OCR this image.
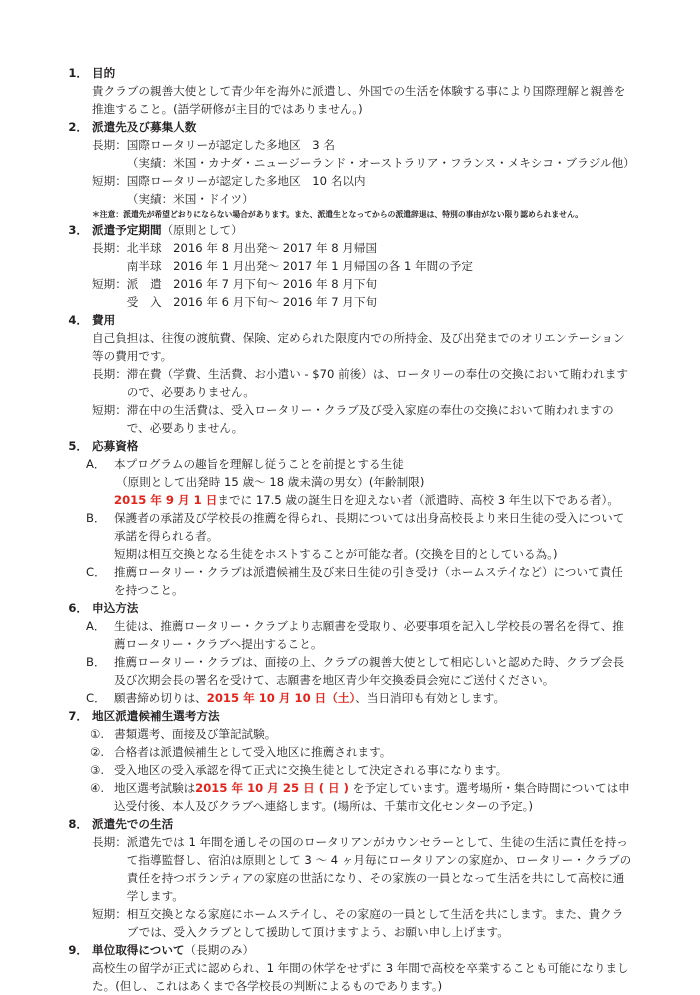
1． 目的
貴クラブの親善大使として青少年を海外に派遣し、外国での生活を体験する事により国際理解と親善を推進すること。(語学研修が主目的ではありません。)
2． 派遣先及び募集人数
長期： 国際ロータリーが認定した多地区　3 名
（実績：米国・カナダ・ニュージーランド・オーストラリア・フランス・メキシコ・ブラジル他）
短期： 国際ロータリーが認定した多地区　10 名以内
（実績：米国・ドイツ）
＊注意：派遣先が希望どおりにならない場合があります。また、派遣生となってからの派遣辞退は、特別の事由がない限り認められません。
3． 派遣予定期間（原則として）
長期： 北半球　2016 年 8 月出発～ 2017 年 8 月帰国
南半球　2016 年 1 月出発～ 2017 年 1 月帰国の各 1 年間の予定
短期： 派　遣　2016 年 7 月下旬～ 2016 年 8 月下旬
受　入　2016 年 6 月下旬～ 2016 年 7 月下旬
4． 費用
自己負担は、往復の渡航費、保険、定められた限度内での所持金、及び出発までのオリエンテーション等の費用です。
長期： 滞在費（学費、生活費、お小遣い - $70 前後）は、ロータリーの奉仕の交換において賄われますので、必要ありません。
短期： 滞在中の生活費は、受入ロータリー・クラブ及び受入家庭の奉仕の交換において賄われますので、必要ありません。
5． 応募資格
A． 本プログラムの趣旨を理解し従うことを前提とする生徒
（原則として出発時 15 歳～ 18 歳未満の男女）(年齢制限)
2015 年 9 月 1 日までに 17.5 歳の誕生日を迎えない者（派遣時、高校 3 年生以下である者）。
B． 保護者の承諾及び学校長の推薦を得られ、長期については出身高校長より来日生徒の受入について承諾を得られる者。
短期は相互交換となる生徒をホストすることが可能な者。(交換を目的としている為。)
C． 推薦ロータリー・クラブは派遣候補生及び来日生徒の引き受け（ホームステイなど）について責任を持つこと。
6． 申込方法
A． 生徒は、推薦ロータリー・クラブより志願書を受取り、必要事項を記入し学校長の署名を得て、推薦ロータリー・クラブへ提出すること。
B． 推薦ロータリー・クラブは、面接の上、クラブの親善大使として相応しいと認めた時、クラブ会長及び次期会長の署名を受けて、志願書を地区青少年交換委員会宛にご送付ください。
C． 願書締め切りは、2015 年 10 月 10 日（土）、当日消印も有効とします。
7． 地区派遣候補生選考方法
①. 書類選考、面接及び筆記試験。
②. 合格者は派遣候補生として受入地区に推薦されます。
③. 受入地区の受入承認を得て正式に交換生徒として決定される事になります。
④. 地区選考試験は2015 年 10 月 25 日 ( 日 ) を予定しています。選考場所・集合時間については申込受付後、本人及びクラブへ連絡します。(場所は、千葉市文化センターの予定。)
8． 派遣先での生活
長期： 派遣先では 1 年間を通しその国のロータリアンがカウンセラーとして、生徒の生活に責任を持って指導監督し、宿泊は原則として 3 ～ 4 ヶ月毎にロータリアンの家庭か、ロータリー・クラブの責任を持つボランティアの家庭の世話になり、その家族の一員となって生活を共にして高校に通学します。
短期： 相互交換となる家庭にホームステイし、その家庭の一員として生活を共にします。また、貴クラブでは、受入クラブとして援助して頂けますよう、お願い申し上げます。
9． 単位取得について（長期のみ）
高校生の留学が正式に認められ、1 年間の休学をせずに 3 年間で高校を卒業することも可能になりました。(但し、これはあくまで各学校長の判断によるものであります。)
